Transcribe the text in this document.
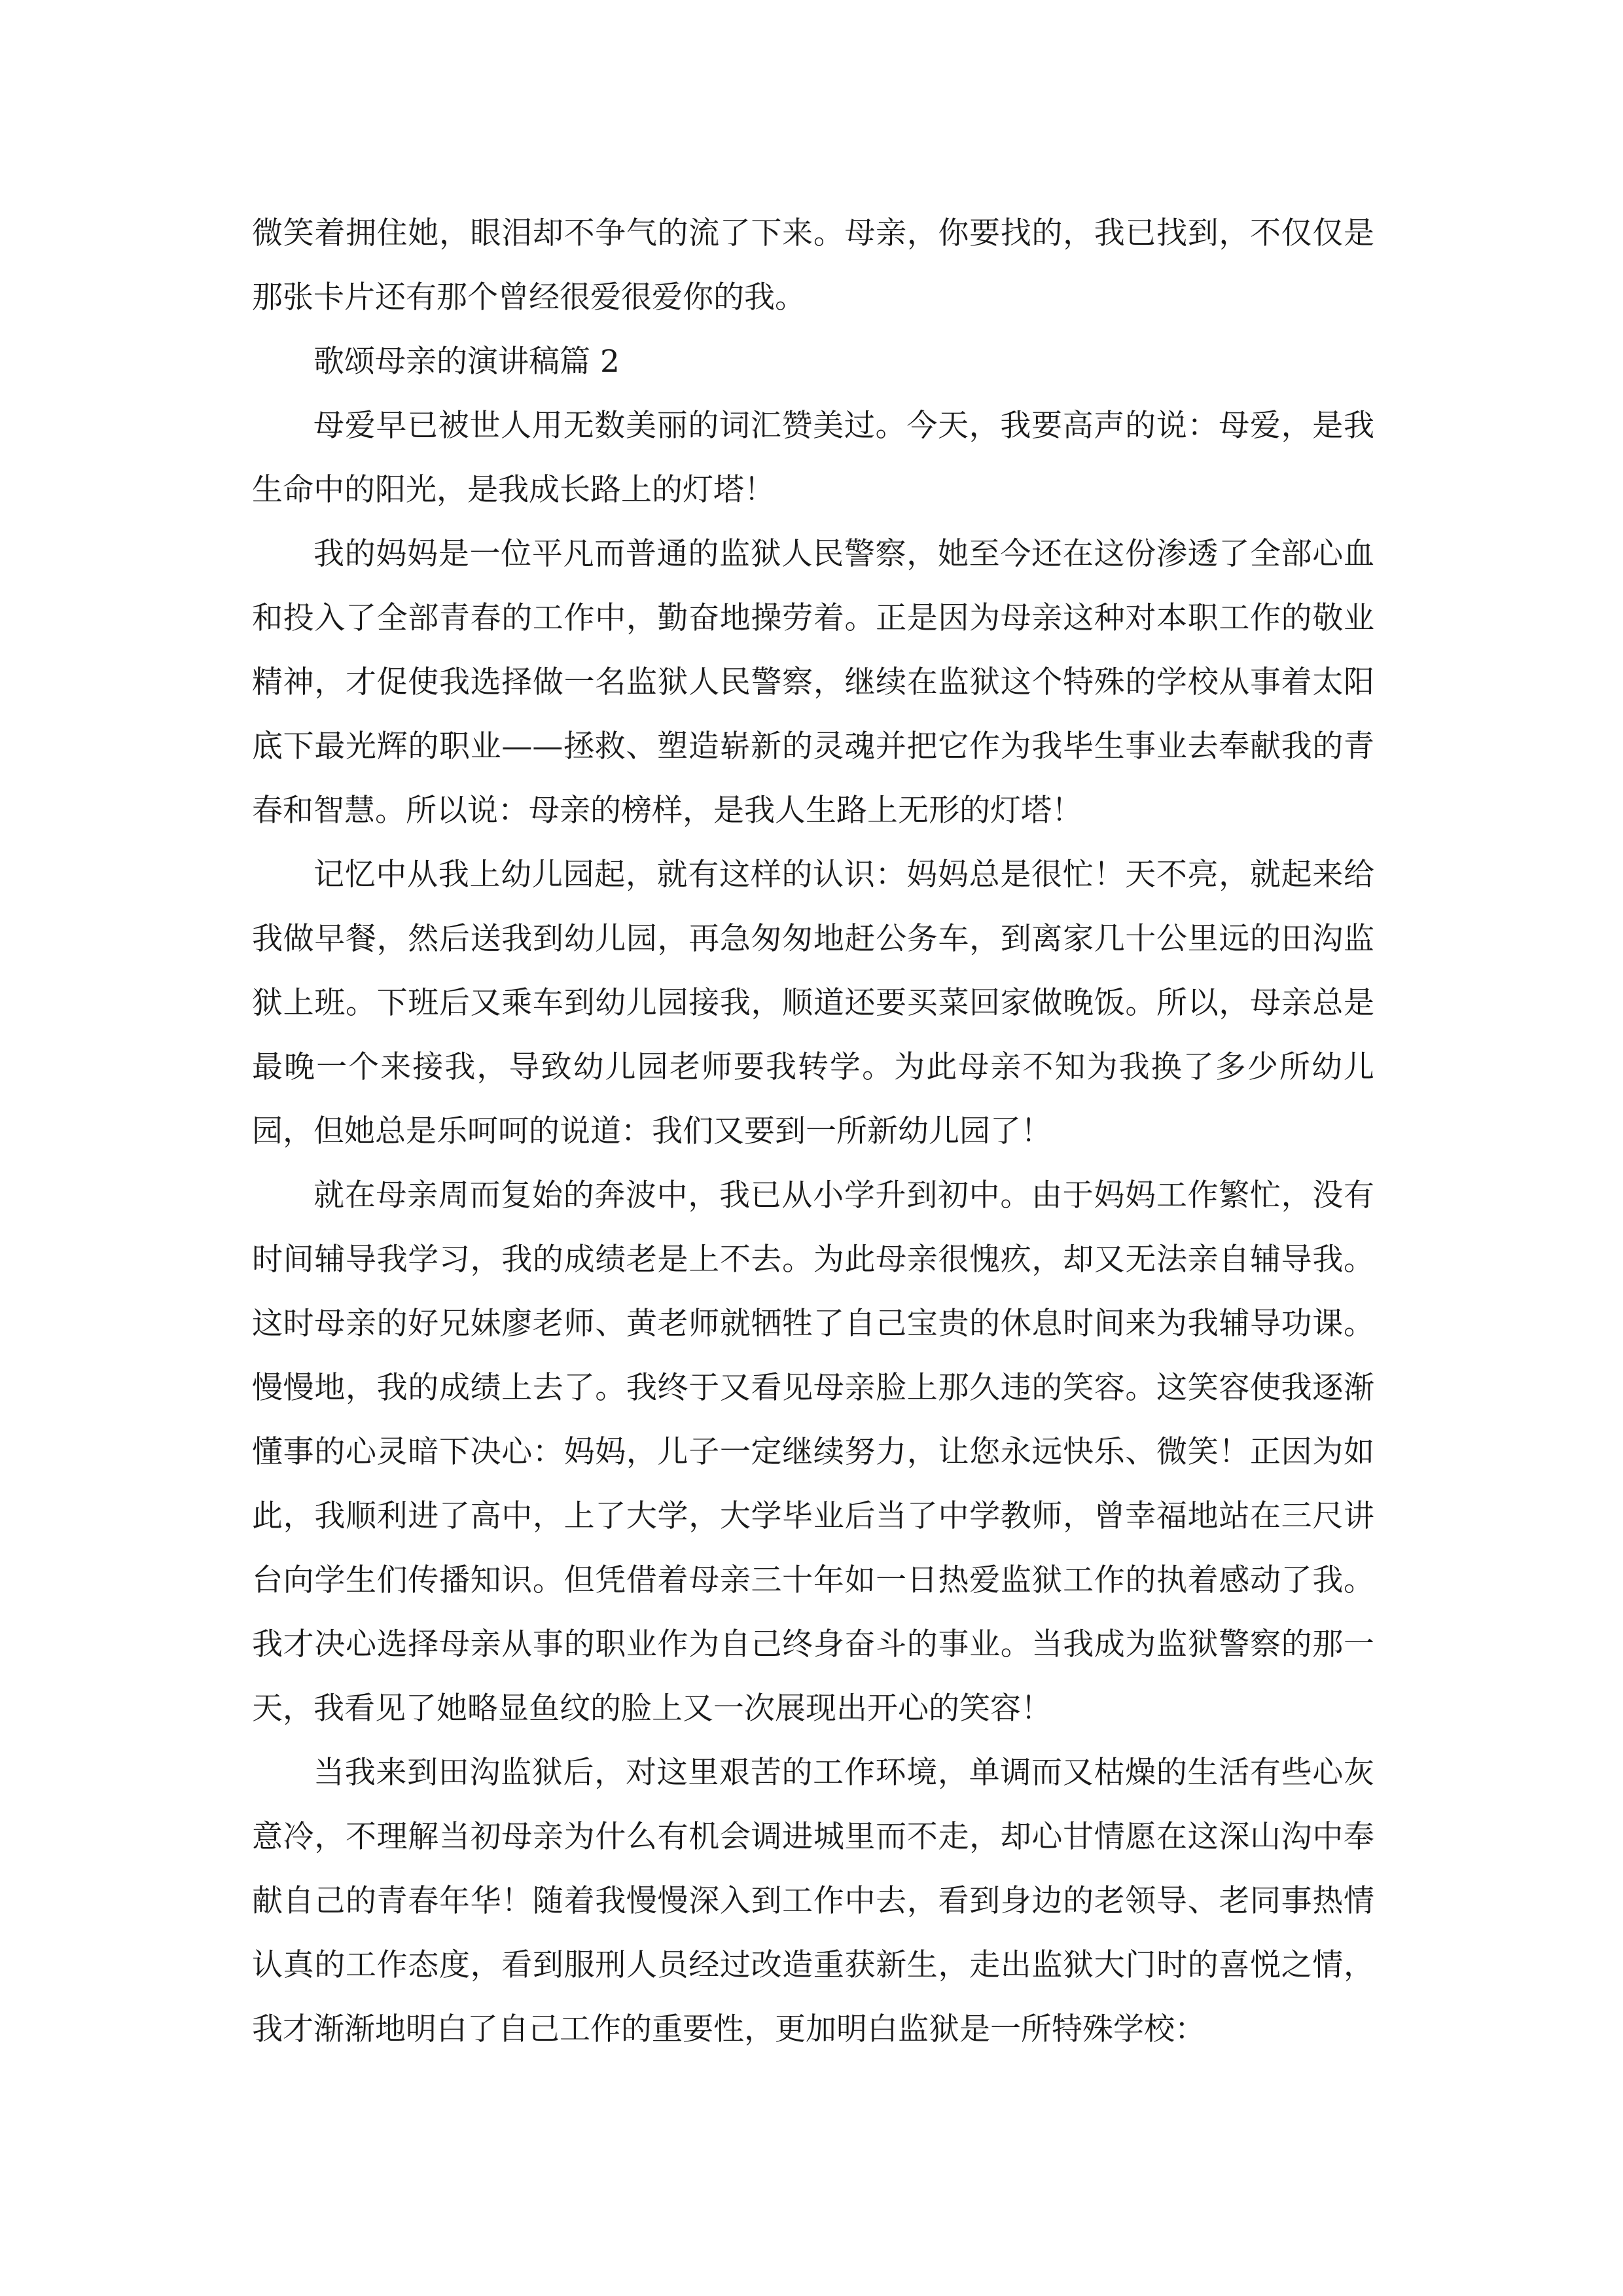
微笑着拥住她，眼泪却不争气的流了下来。母亲，你要找的，我已找到，不仅仅是那张卡片还有那个曾经很爱很爱你的我。

歌颂母亲的演讲稿篇 2

母爱早已被世人用无数美丽的词汇赞美过。今天，我要高声的说：母爱，是我生命中的阳光，是我成长路上的灯塔！

我的妈妈是一位平凡而普通的监狱人民警察，她至今还在这份渗透了全部心血和投入了全部青春的工作中，勤奋地操劳着。正是因为母亲这种对本职工作的敬业精神，才促使我选择做一名监狱人民警察，继续在监狱这个特殊的学校从事着太阳底下最光辉的职业——拯救、塑造崭新的灵魂并把它作为我毕生事业去奉献我的青春和智慧。所以说：母亲的榜样，是我人生路上无形的灯塔！

记忆中从我上幼儿园起，就有这样的认识：妈妈总是很忙！天不亮，就起来给我做早餐，然后送我到幼儿园，再急匆匆地赶公务车，到离家几十公里远的田沟监狱上班。下班后又乘车到幼儿园接我，顺道还要买菜回家做晚饭。所以，母亲总是最晚一个来接我，导致幼儿园老师要我转学。为此母亲不知为我换了多少所幼儿园，但她总是乐呵呵的说道：我们又要到一所新幼儿园了！

就在母亲周而复始的奔波中，我已从小学升到初中。由于妈妈工作繁忙，没有时间辅导我学习，我的成绩老是上不去。为此母亲很愧疚，却又无法亲自辅导我。这时母亲的好兄妹廖老师、黄老师就牺牲了自己宝贵的休息时间来为我辅导功课。慢慢地，我的成绩上去了。我终于又看见母亲脸上那久违的笑容。这笑容使我逐渐懂事的心灵暗下决心：妈妈，儿子一定继续努力，让您永远快乐、微笑！正因为如此，我顺利进了高中，上了大学，大学毕业后当了中学教师，曾幸福地站在三尺讲台向学生们传播知识。但凭借着母亲三十年如一日热爱监狱工作的执着感动了我。我才决心选择母亲从事的职业作为自己终身奋斗的事业。当我成为监狱警察的那一天，我看见了她略显鱼纹的脸上又一次展现出开心的笑容！

当我来到田沟监狱后，对这里艰苦的工作环境，单调而又枯燥的生活有些心灰意冷，不理解当初母亲为什么有机会调进城里而不走，却心甘情愿在这深山沟中奉献自己的青春年华！随着我慢慢深入到工作中去，看到身边的老领导、老同事热情认真的工作态度，看到服刑人员经过改造重获新生，走出监狱大门时的喜悦之情，我才渐渐地明白了自己工作的重要性，更加明白监狱是一所特殊学校：
